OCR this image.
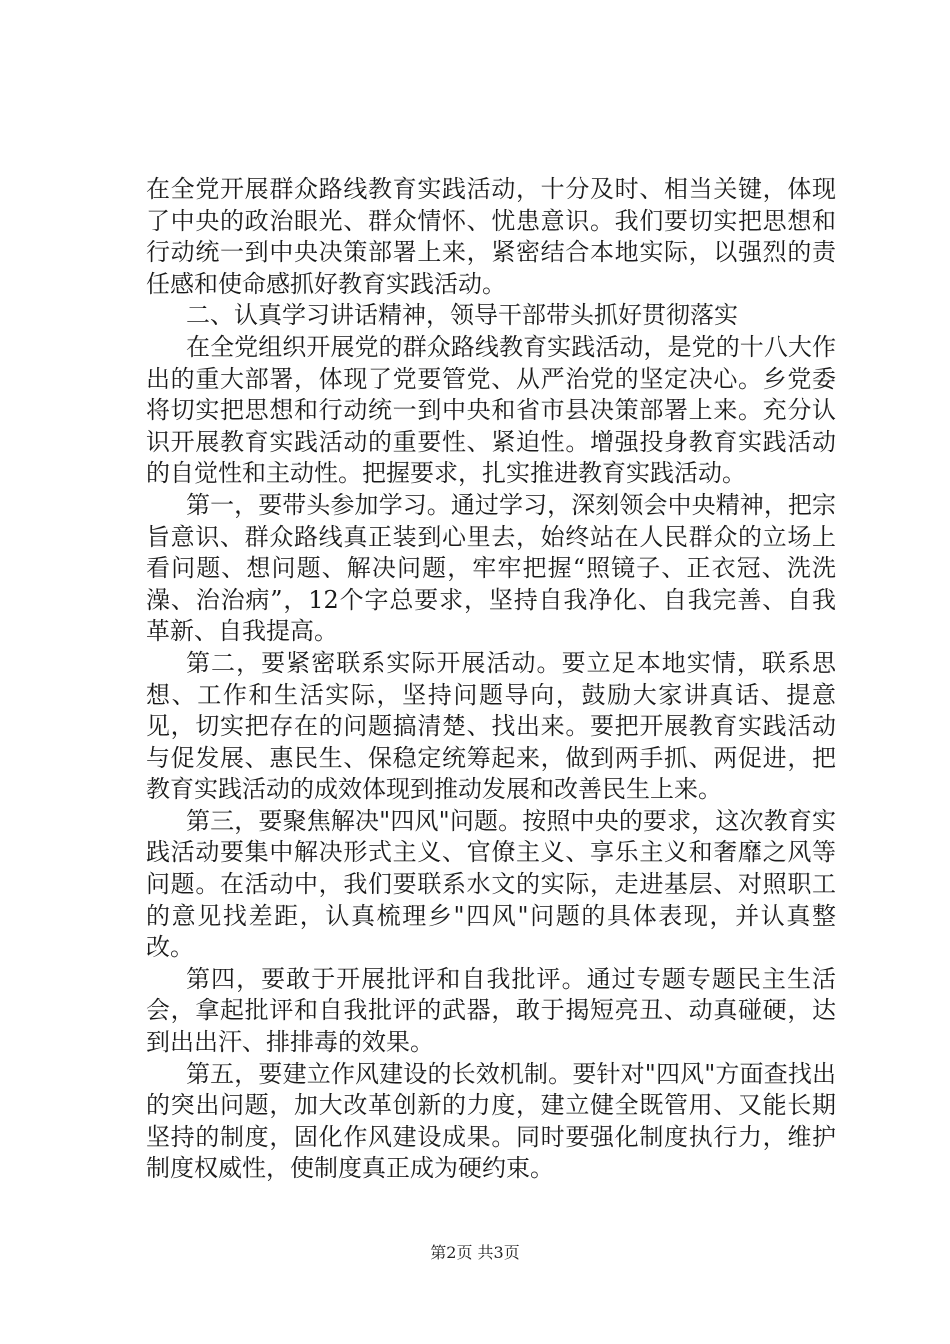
在全党开展群众路线教育实践活动，十分及时、相当关键，体现了中央的政治眼光、群众情怀、忧患意识。我们要切实把思想和行动统一到中央决策部署上来，紧密结合本地实际，以强烈的责任感和使命感抓好教育实践活动。

二、认真学习讲话精神，领导干部带头抓好贯彻落实

在全党组织开展党的群众路线教育实践活动，是党的十八大作出的重大部署，体现了党要管党、从严治党的坚定决心。乡党委将切实把思想和行动统一到中央和省市县决策部署上来。充分认识开展教育实践活动的重要性、紧迫性。增强投身教育实践活动的自觉性和主动性。把握要求，扎实推进教育实践活动。

第一，要带头参加学习。通过学习，深刻领会中央精神，把宗旨意识、群众路线真正装到心里去，始终站在人民群众的立场上看问题、想问题、解决问题，牢牢把握“照镜子、正衣冠、洗洗澡、治治病”，12个字总要求，坚持自我净化、自我完善、自我革新、自我提高。

第二，要紧密联系实际开展活动。要立足本地实情，联系思想、工作和生活实际，坚持问题导向，鼓励大家讲真话、提意见，切实把存在的问题搞清楚、找出来。要把开展教育实践活动与促发展、惠民生、保稳定统筹起来，做到两手抓、两促进，把教育实践活动的成效体现到推动发展和改善民生上来。

第三，要聚焦解决"四风"问题。按照中央的要求，这次教育实践活动要集中解决形式主义、官僚主义、享乐主义和奢靡之风等问题。在活动中，我们要联系水文的实际，走进基层、对照职工的意见找差距，认真梳理乡"四风"问题的具体表现，并认真整改。

第四，要敢于开展批评和自我批评。通过专题专题民主生活会，拿起批评和自我批评的武器，敢于揭短亮丑、动真碰硬，达到出出汗、排排毒的效果。

第五，要建立作风建设的长效机制。要针对"四风"方面查找出的突出问题，加大改革创新的力度，建立健全既管用、又能长期坚持的制度，固化作风建设成果。同时要强化制度执行力，维护制度权威性，使制度真正成为硬约束。

第2页 共3页
